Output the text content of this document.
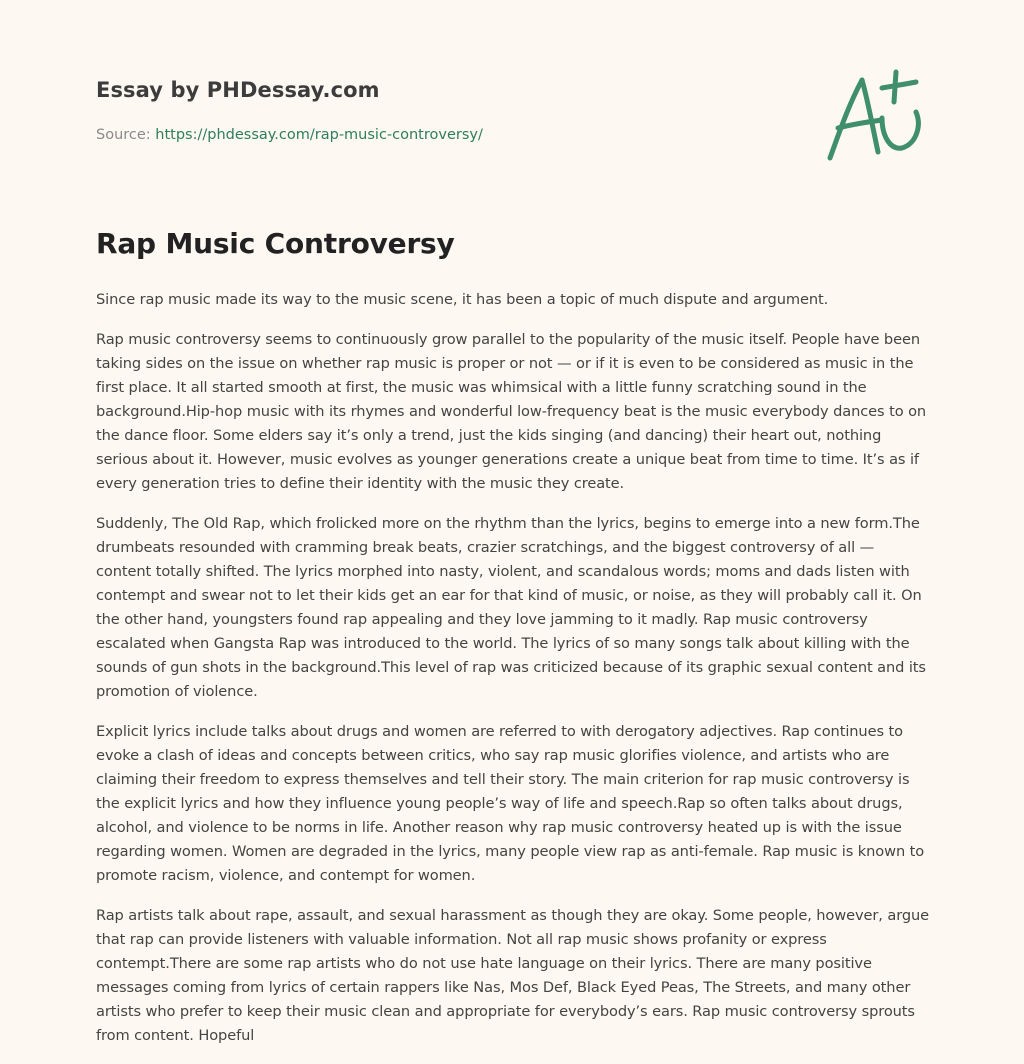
Essay by PHDessay.com
Source: https://phdessay.com/rap-music-controversy/
Rap Music Controversy

Since rap music made its way to the music scene, it has been a topic of much dispute and argument.

Rap music controversy seems to continuously grow parallel to the popularity of the music itself. People have been taking sides on the issue on whether rap music is proper or not — or if it is even to be considered as music in the first place. It all started smooth at first, the music was whimsical with a little funny scratching sound in the background.Hip-hop music with its rhymes and wonderful low-frequency beat is the music everybody dances to on the dance floor. Some elders say it’s only a trend, just the kids singing (and dancing) their heart out, nothing serious about it. However, music evolves as younger generations create a unique beat from time to time. It’s as if every generation tries to define their identity with the music they create.

Suddenly, The Old Rap, which frolicked more on the rhythm than the lyrics, begins to emerge into a new form.The drumbeats resounded with cramming break beats, crazier scratchings, and the biggest controversy of all — content totally shifted. The lyrics morphed into nasty, violent, and scandalous words; moms and dads listen with contempt and swear not to let their kids get an ear for that kind of music, or noise, as they will probably call it. On the other hand, youngsters found rap appealing and they love jamming to it madly. Rap music controversy escalated when Gangsta Rap was introduced to the world. The lyrics of so many songs talk about killing with the sounds of gun shots in the background.This level of rap was criticized because of its graphic sexual content and its promotion of violence.

Explicit lyrics include talks about drugs and women are referred to with derogatory adjectives. Rap continues to evoke a clash of ideas and concepts between critics, who say rap music glorifies violence, and artists who are claiming their freedom to express themselves and tell their story. The main criterion for rap music controversy is the explicit lyrics and how they influence young people’s way of life and speech.Rap so often talks about drugs, alcohol, and violence to be norms in life. Another reason why rap music controversy heated up is with the issue regarding women. Women are degraded in the lyrics, many people view rap as anti-female. Rap music is known to promote racism, violence, and contempt for women.

Rap artists talk about rape, assault, and sexual harassment as though they are okay. Some people, however, argue that rap can provide listeners with valuable information. Not all rap music shows profanity or express contempt.There are some rap artists who do not use hate language on their lyrics. There are many positive messages coming from lyrics of certain rappers like Nas, Mos Def, Black Eyed Peas, The Streets, and many other artists who prefer to keep their music clean and appropriate for everybody’s ears. Rap music controversy sprouts from content. Hopeful
